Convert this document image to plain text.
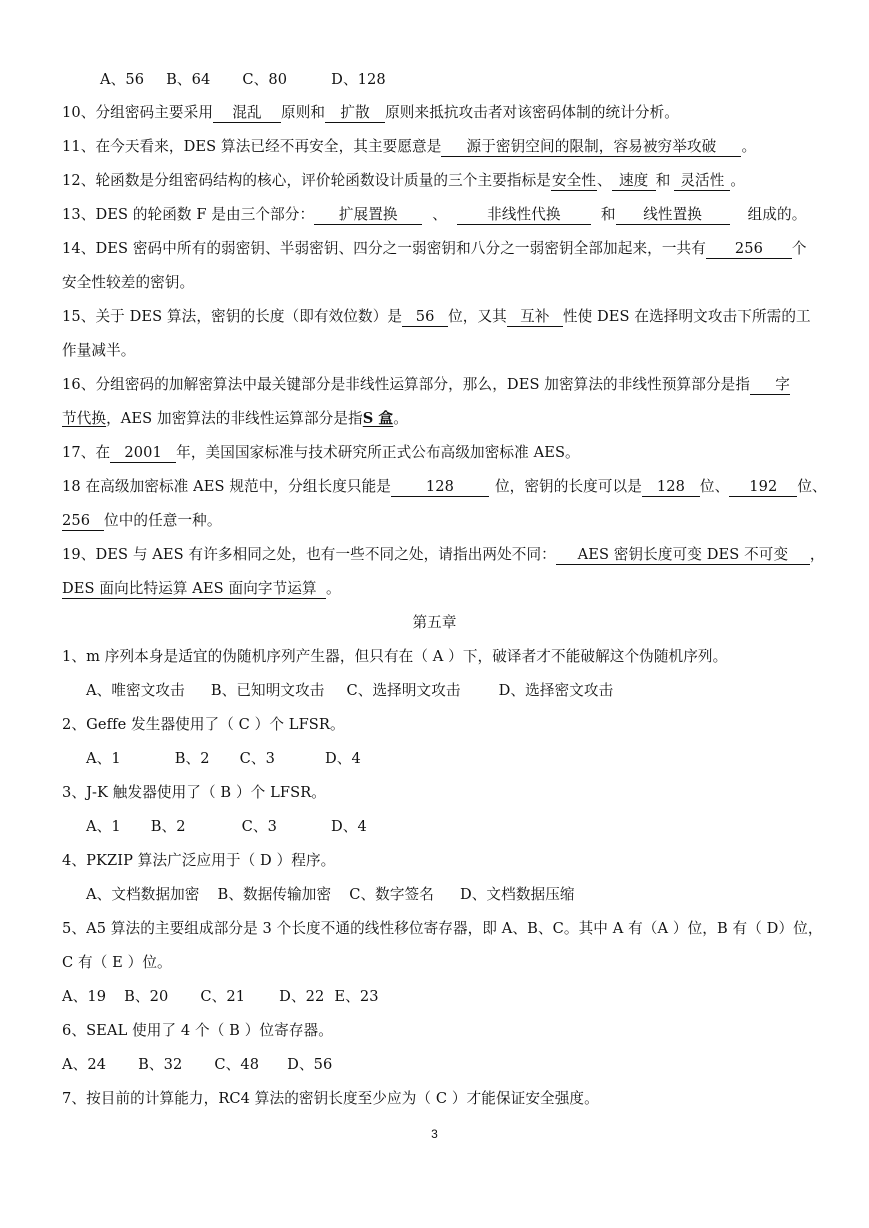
A、56 B、64 C、80	D、128
10、分组密码主要采用 混乱 原则和 扩散 原则来抵抗攻击者对该密码体制的统计分析。
11、在今天看来，DES 算法已经不再安全，其主要愿意是 源于密钥空间的限制，容易被穷举攻破 。
12、轮函数是分组密码结构的核心，评价轮函数设计质量的三个主要指标是安全性、 速度 和 灵活性 。
13、DES 的轮函数 F 是由三个部分： 扩展置换 、	非线性代换	和 线性置换	组成的。
14、DES 密码中所有的弱密钥、半弱密钥、四分之一弱密钥和八分之一弱密钥全部加起来，一共有 256 个
安全性较差的密钥。
15、关于 DES 算法，密钥的长度（即有效位数）是 56 位，又其 互补 性使 DES 在选择明文攻击下所需的工
作量减半。
16、分组密码的加解密算法中最关键部分是非线性运算部分，那么，DES 加密算法的非线性预算部分是指 字
节代换，AES 加密算法的非线性运算部分是指S 盒。
17、在 2001 年，美国国家标准与技术研究所正式公布高级加密标准 AES。
18 在高级加密标准 AES 规范中，分组长度只能是 128	位，密钥的长度可以是 128 位、 192 位、
256 位中的任意一种。
19、DES 与 AES 有许多相同之处，也有一些不同之处，请指出两处不同： AES 密钥长度可变 DES 不可变 ，
DES 面向比特运算 AES 面向字节运算 。
第五章
1、m 序列本身是适宜的伪随机序列产生器，但只有在（ A ）下，破译者才不能破解这个伪随机序列。
A、唯密文攻击 B、已知明文攻击 C、选择明文攻击	D、选择密文攻击
2、Geffe 发生器使用了（ C ）个 LFSR。
A、1	B、2 C、3	D、4
3、J-K 触发器使用了（ B ）个 LFSR。
A、1 B、2	C、3	D、4
4、PKZIP 算法广泛应用于（ D ）程序。
A、文档数据加密 B、数据传输加密 C、数字签名 D、文档数据压缩
5、A5 算法的主要组成部分是 3 个长度不通的线性移位寄存器，即 A、B、C。其中 A 有（A ）位，B 有（ D）位，
C 有（ E ）位。
A、19 B、20 C、21 D、22 E、23
6、SEAL 使用了 4 个（ B ）位寄存器。
A、24 B、32 C、48 D、56
7、按目前的计算能力，RC4 算法的密钥长度至少应为（ C ）才能保证安全强度。
3
